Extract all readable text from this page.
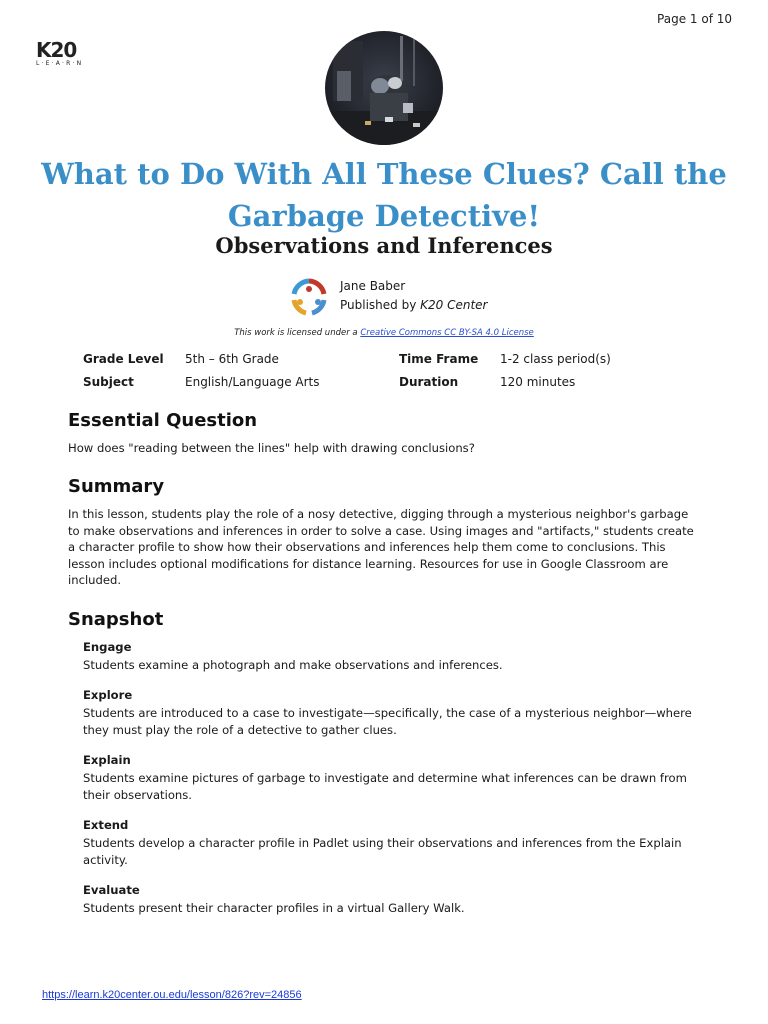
Page 1 of 10
K20
L·E·A·R·N
What to Do With All These Clues? Call the Garbage Detective!
Observations and Inferences
Jane Baber
Published by K20 Center
This work is licensed under a Creative Commons CC BY-SA 4.0 License
Grade Level 5th – 6th Grade	Time Frame 1-2 class period(s)
Subject	English/Language Arts	Duration	120 minutes
Essential Question

How does "reading between the lines" help with drawing conclusions?

Summary

In this lesson, students play the role of a nosy detective, digging through a mysterious neighbor's garbage to make observations and inferences in order to solve a case. Using images and "artifacts," students create a character profile to show how their observations and inferences help them come to conclusions. This lesson includes optional modifications for distance learning. Resources for use in Google Classroom are included.

Snapshot

Engage

Students examine a photograph and make observations and inferences.

Explore

Students are introduced to a case to investigate—specifically, the case of a mysterious neighbor—where they must play the role of a detective to gather clues.

Explain

Students examine pictures of garbage to investigate and determine what inferences can be drawn from their observations.

Extend

Students develop a character profile in Padlet using their observations and inferences from the Explain activity.

Evaluate

Students present their character profiles in a virtual Gallery Walk.

https://learn.k20center.ou.edu/lesson/826?rev=24856
